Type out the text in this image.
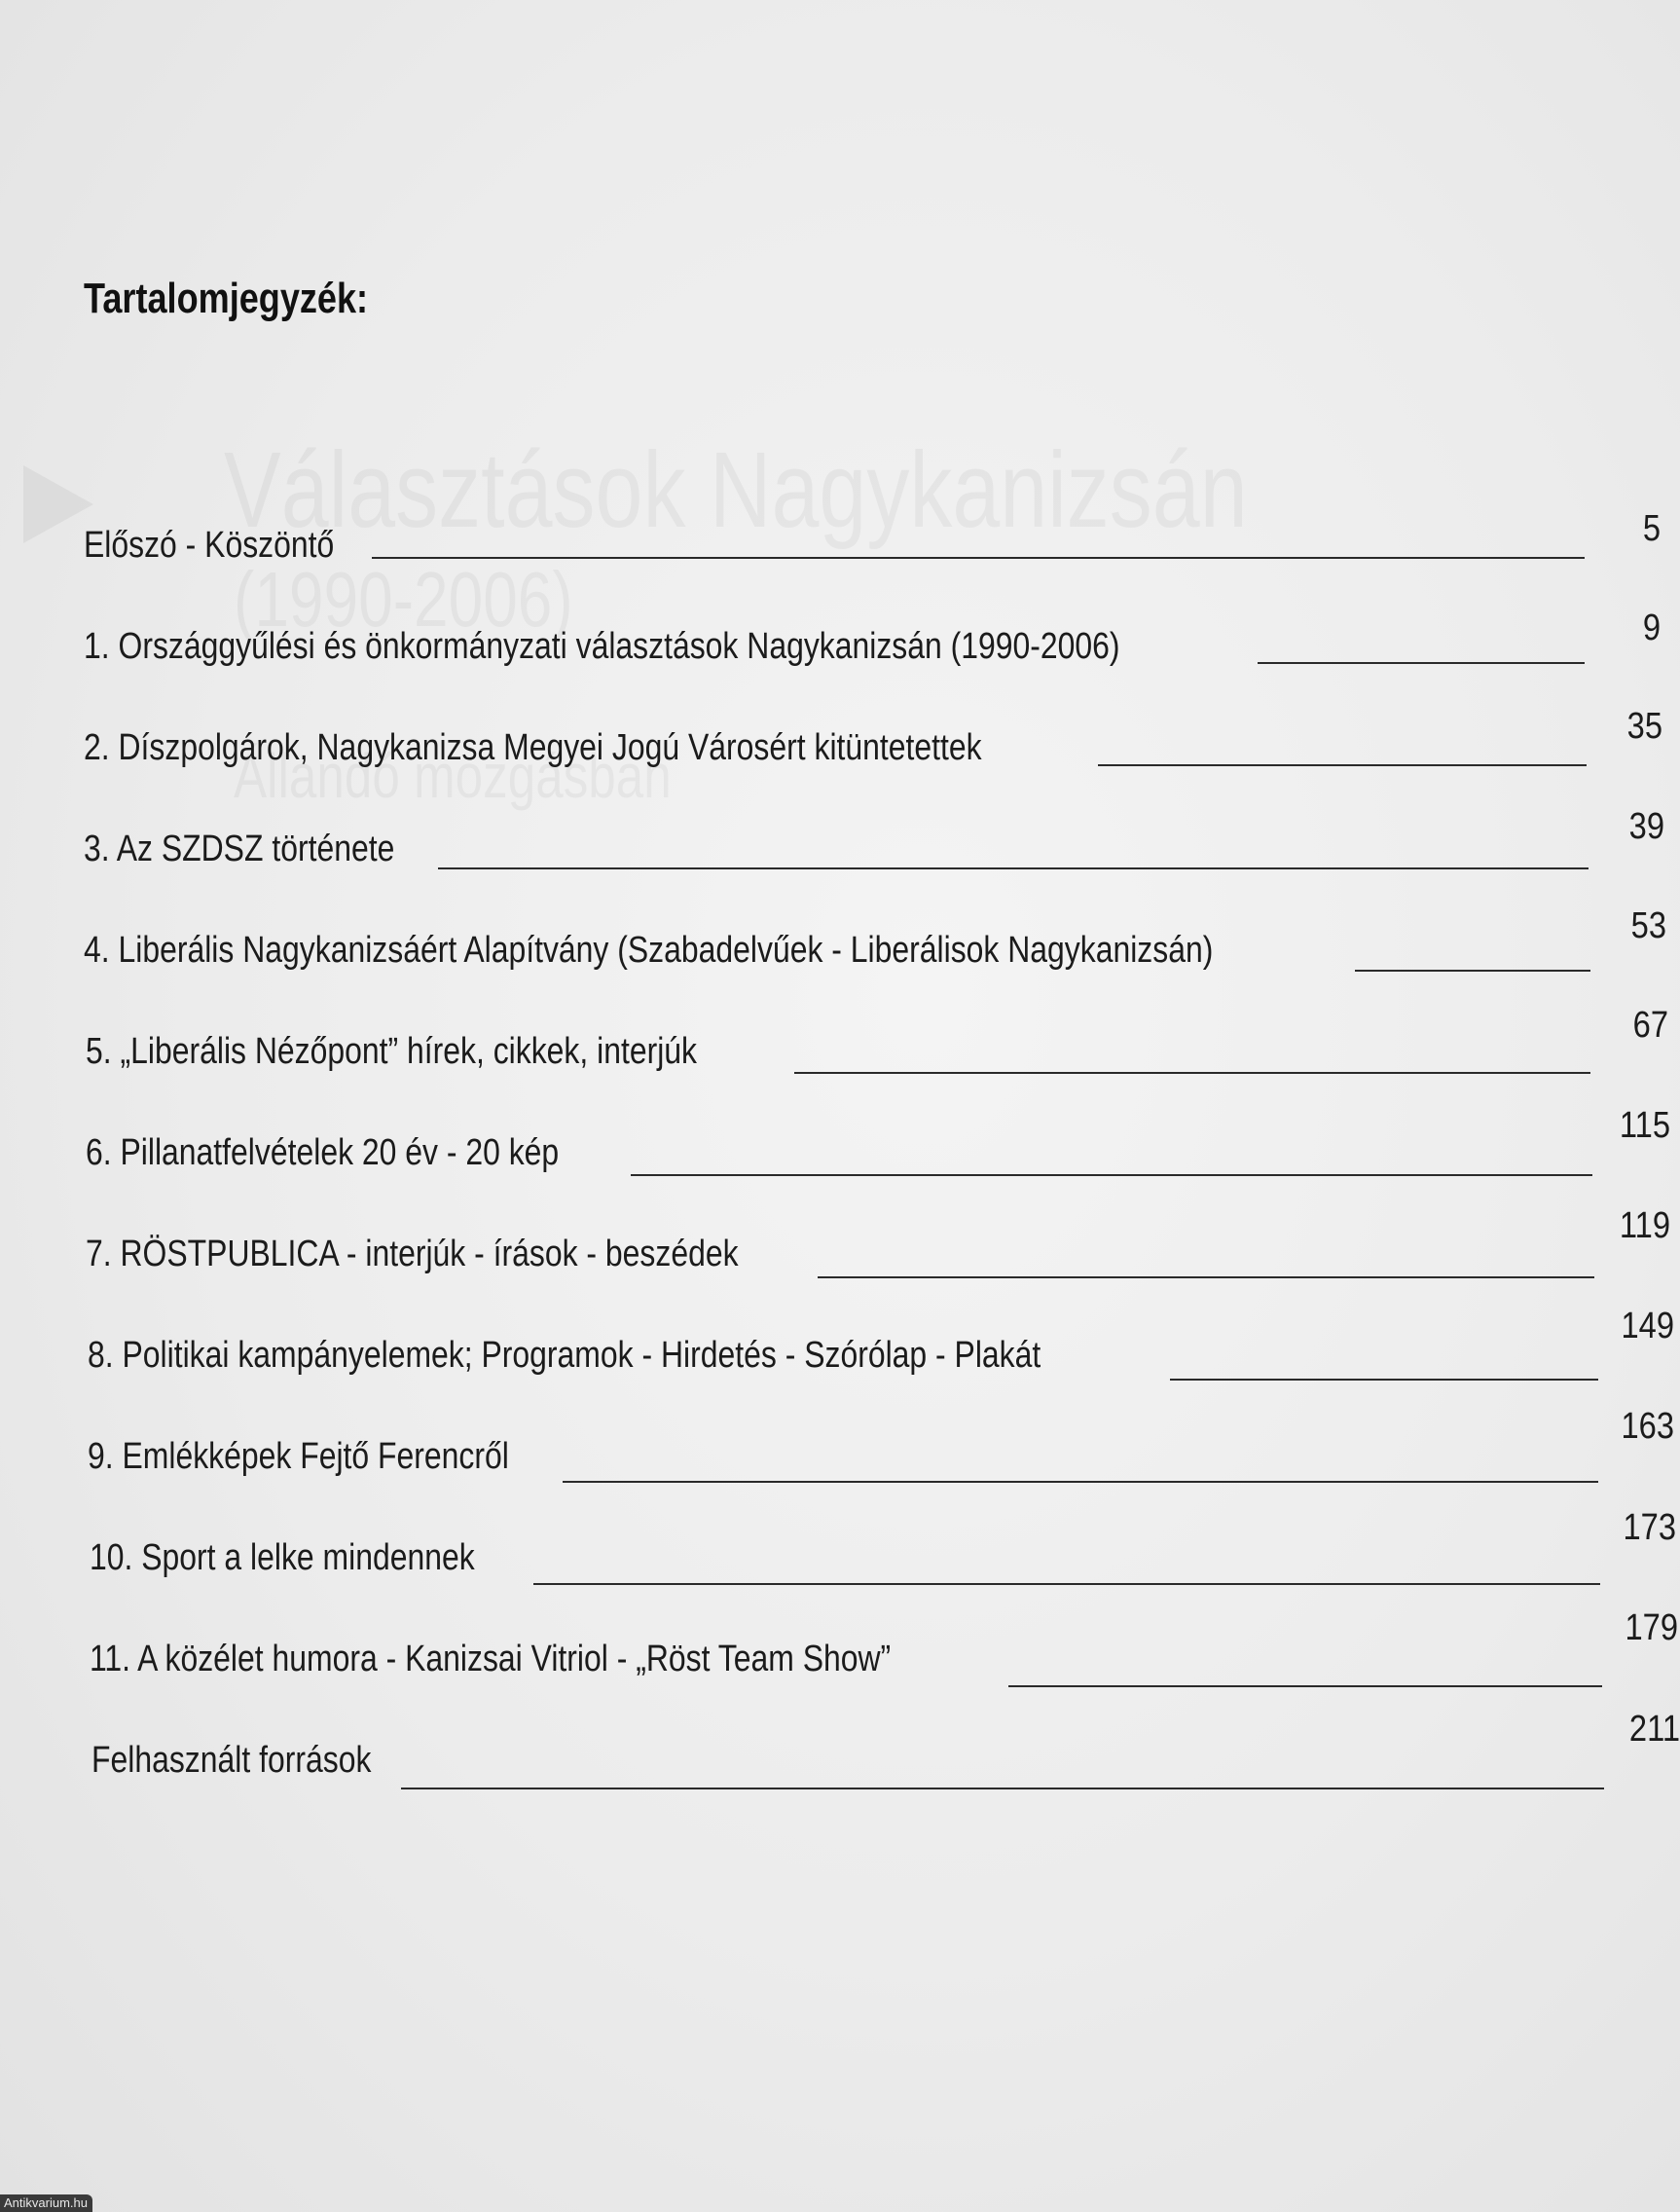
Tartalomjegyzék:
Előszó - Köszöntő	5
1. Országgyűlési és önkormányzati választások Nagykanizsán (1990-2006)	9
2. Díszpolgárok, Nagykanizsa Megyei Jogú Városért kitüntetettek
35
3. Az SZDSZ története
39
4. Liberális Nagykanizsáért Alapítvány (Szabadelvűek - Liberálisok Nagykanizsán)
53
5. „Liberális Nézőpont” hírek, cikkek, interjúk
67
6. Pillanatfelvételek 20 év - 20 kép
115
7. RÖSTPUBLICA - interjúk - írások - beszédek
119
8. Politikai kampányelemek; Programok - Hirdetés - Szórólap - Plakát
149
9. Emlékképek Fejtő Ferencről
163
10. Sport a lelke mindennek
173
11. A közélet humora - Kanizsai Vitriol - „Röst Team Show”
179
Felhasznált források
211
Antikvarium.hu
